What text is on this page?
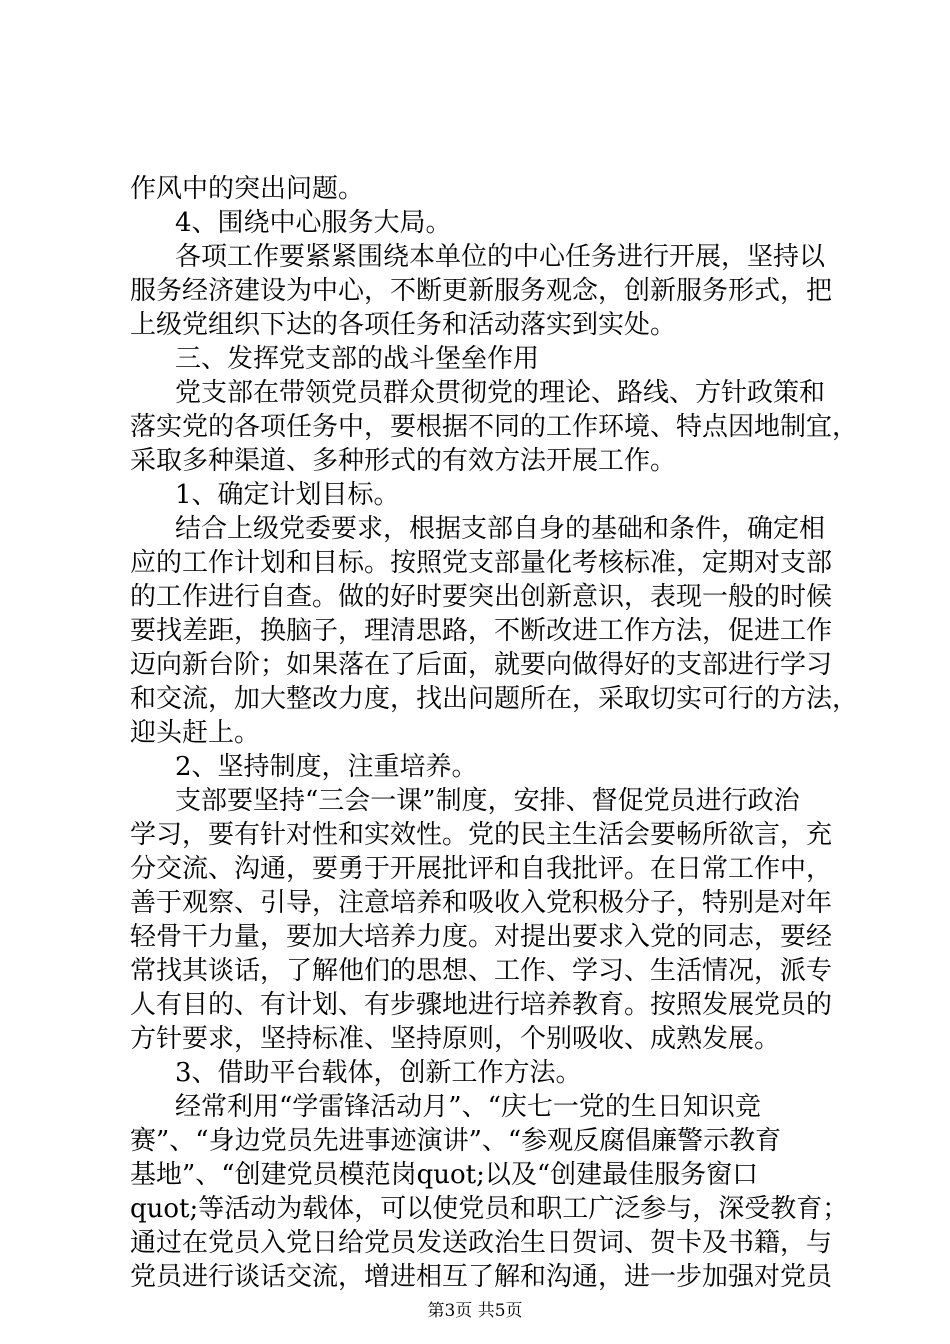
作风中的突出问题。
4、围绕中心服务大局。
各项工作要紧紧围绕本单位的中心任务进行开展，坚持以
服务经济建设为中心，不断更新服务观念，创新服务形式，把
上级党组织下达的各项任务和活动落实到实处。
三、发挥党支部的战斗堡垒作用
党支部在带领党员群众贯彻党的理论、路线、方针政策和
落实党的各项任务中，要根据不同的工作环境、特点因地制宜，
采取多种渠道、多种形式的有效方法开展工作。
1、确定计划目标。
结合上级党委要求，根据支部自身的基础和条件，确定相
应的工作计划和目标。按照党支部量化考核标准，定期对支部
的工作进行自查。做的好时要突出创新意识，表现一般的时候
要找差距，换脑子，理清思路，不断改进工作方法，促进工作
迈向新台阶；如果落在了后面，就要向做得好的支部进行学习
和交流，加大整改力度，找出问题所在，采取切实可行的方法，
迎头赶上。
2、坚持制度，注重培养。
支部要坚持“三会一课”制度，安排、督促党员进行政治
学习，要有针对性和实效性。党的民主生活会要畅所欲言，充
分交流、沟通，要勇于开展批评和自我批评。在日常工作中，
善于观察、引导，注意培养和吸收入党积极分子，特别是对年
轻骨干力量，要加大培养力度。对提出要求入党的同志，要经
常找其谈话，了解他们的思想、工作、学习、生活情况，派专
人有目的、有计划、有步骤地进行培养教育。按照发展党员的
方针要求，坚持标准、坚持原则，个别吸收、成熟发展。
3、借助平台载体，创新工作方法。
经常利用“学雷锋活动月”、“庆七一党的生日知识竞
赛”、“身边党员先进事迹演讲”、“参观反腐倡廉警示教育
基地”、“创建党员模范岗quot;以及“创建最佳服务窗口
quot;等活动为载体，可以使党员和职工广泛参与，深受教育；
通过在党员入党日给党员发送政治生日贺词、贺卡及书籍，与
党员进行谈话交流，增进相互了解和沟通，进一步加强对党员
第3页 共5页
